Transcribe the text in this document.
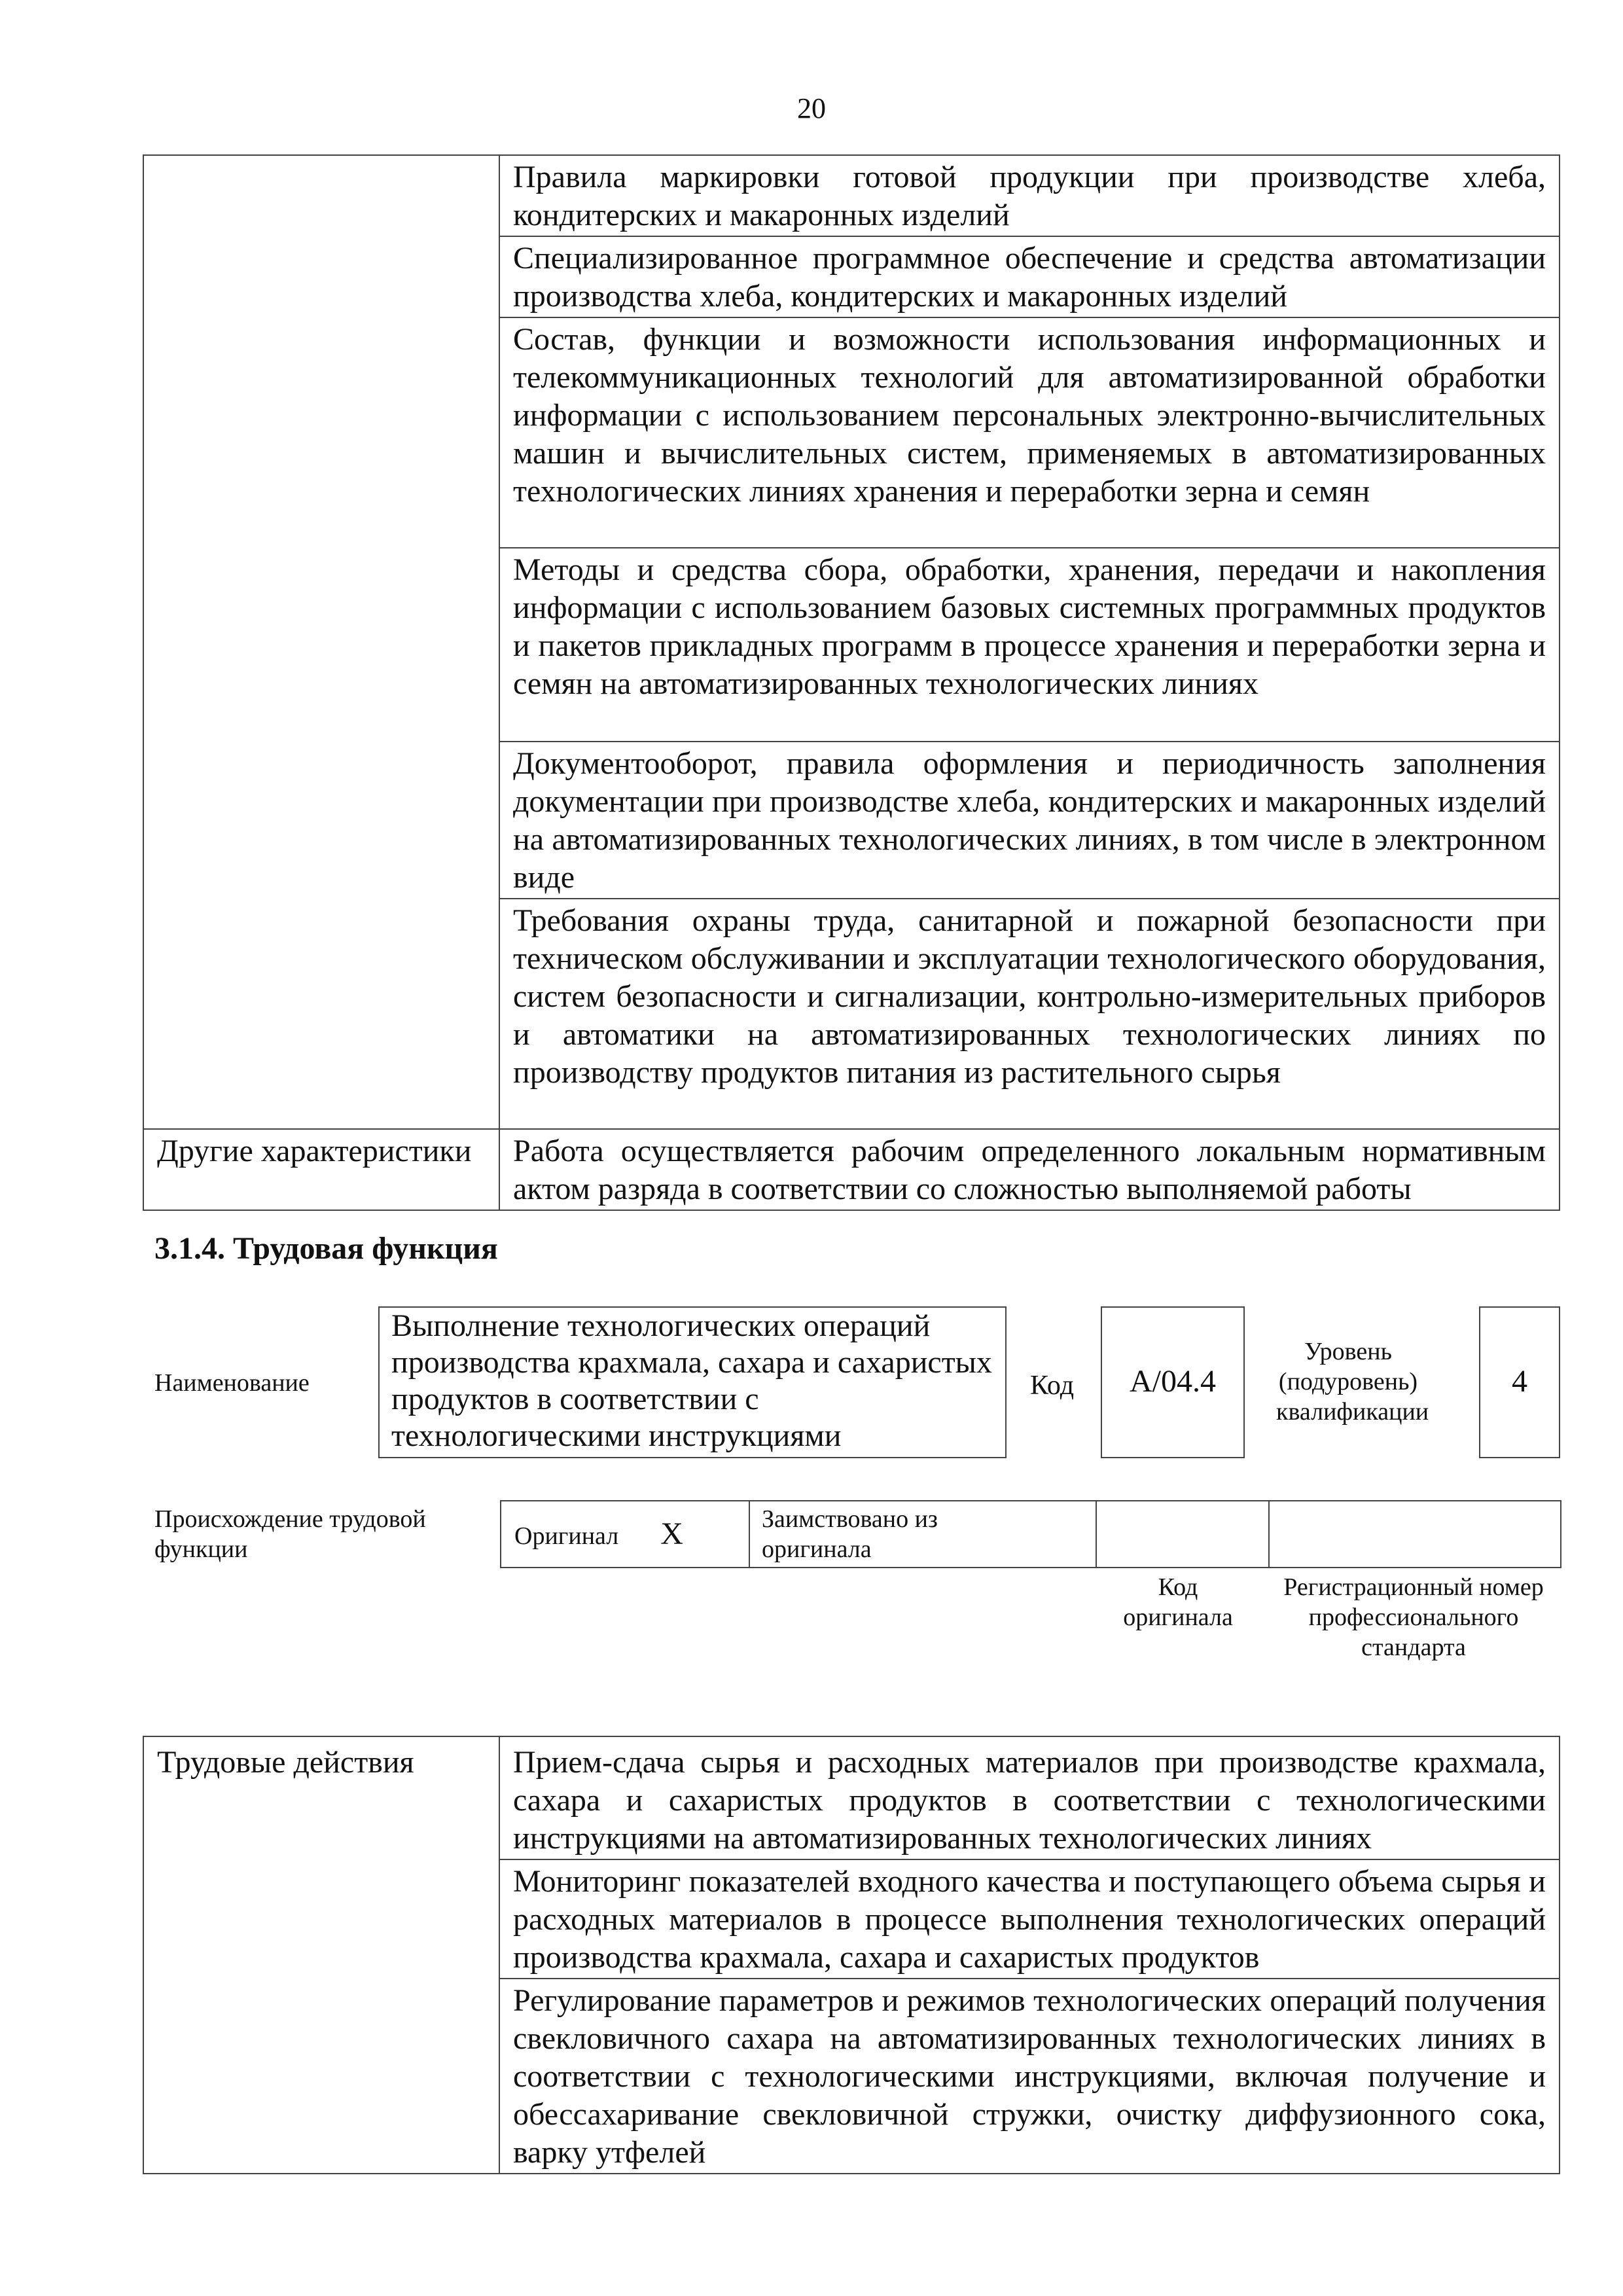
20

	Правила маркировки готовой продукции при производстве хлеба, кондитерских и макаронных изделий

	Специализированное программное обеспечение и средства автоматизации производства хлеба, кондитерских и макаронных изделий

	Состав, функции и возможности использования информационных и телекоммуникационных технологий для автоматизированной обработки информации с использованием персональных электронно-вычислительных машин и вычислительных систем, применяемых в автоматизированных технологических линиях хранения и переработки зерна и семян

	Методы и средства сбора, обработки, хранения, передачи и накопления информации с использованием базовых системных программных продуктов и пакетов прикладных программ в процессе хранения и переработки зерна и семян на автоматизированных технологических линиях

	Документооборот, правила оформления и периодичность заполнения документации при производстве хлеба, кондитерских и макаронных изделий на автоматизированных технологических линиях, в том числе в электронном виде

	Требования охраны труда, санитарной и пожарной безопасности при техническом обслуживании и эксплуатации технологического оборудования, систем безопасности и сигнализации, контрольно-измерительных приборов и автоматики на автоматизированных технологических линиях по производству продуктов питания из растительного сырья

Другие характеристики	Работа осуществляется рабочим определенного локальным нормативным актом разряда в соответствии со сложностью выполняемой работы
3.1.4. Трудовая функция
Наименование
Выполнение технологических операций производства крахмала, сахара и сахаристых продуктов в соответствии с технологическими инструкциями
Код	А/04.4
Уровень (подуровень) квалификации
4
Происхождение трудовой функции	Оригинал Х	Заимствовано из оригинала

Код оригинала
Регистрационный номер профессионального стандарта
Трудовые действия	Прием-сдача сырья и расходных материалов при производстве крахмала, сахара и сахаристых продуктов в соответствии с технологическими инструкциями на автоматизированных технологических линиях

Мониторинг показателей входного качества и поступающего объема сырья и расходных материалов в процессе выполнения технологических операций производства крахмала, сахара и сахаристых продуктов

Регулирование параметров и режимов технологических операций получения свекловичного сахара на автоматизированных технологических линиях в соответствии с технологическими инструкциями, включая получение и обессахаривание свекловичной стружки, очистку диффузионного сока, варку утфелей
